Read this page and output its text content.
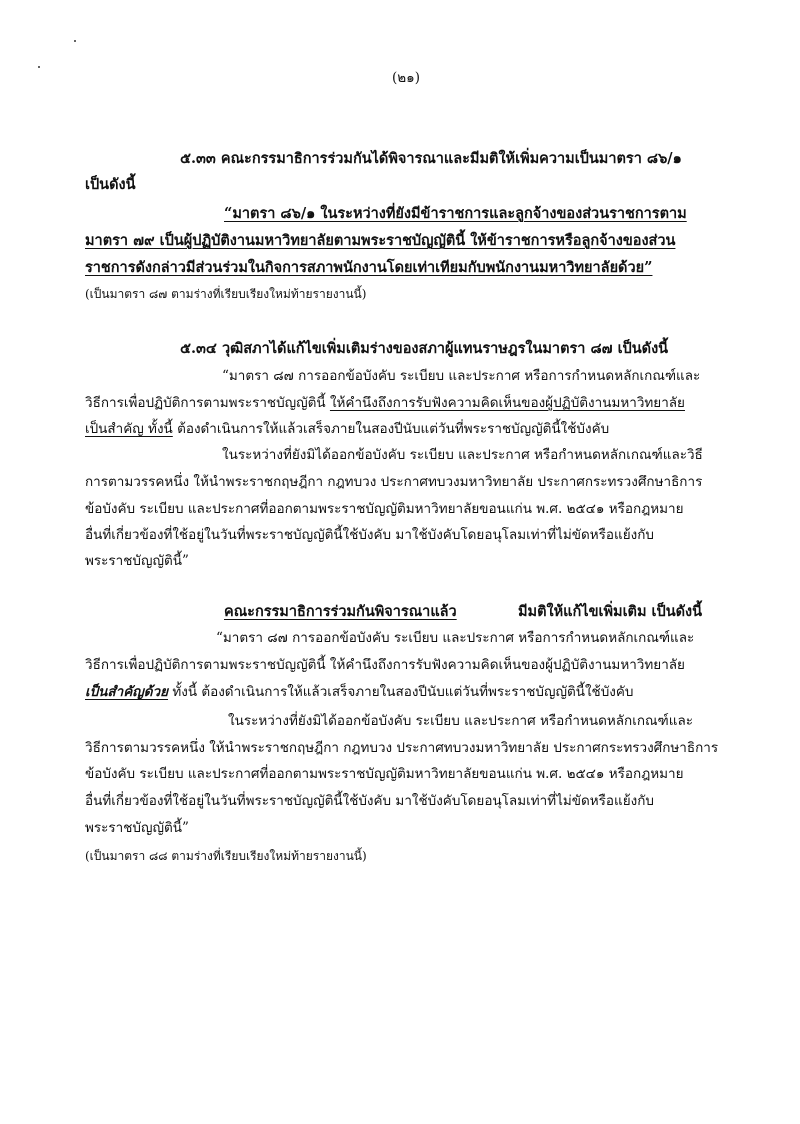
(๒๑)

๕.๓๓ คณะกรรมาธิการร่วมกันได้พิจารณาและมีมติให้เพิ่มความเป็นมาตรา ๘๖/๑

เป็นดังนี้

“มาตรา ๘๖/๑ ในระหว่างที่ยังมีข้าราชการและลูกจ้างของส่วนราชการตาม

มาตรา ๗๙ เป็นผู้ปฏิบัติงานมหาวิทยาลัยตามพระราชบัญญัตินี้ ให้ข้าราชการหรือลูกจ้างของส่วน

ราชการดังกล่าวมีส่วนร่วมในกิจการสภาพนักงานโดยเท่าเทียมกับพนักงานมหาวิทยาลัยด้วย”

(เป็นมาตรา ๘๗ ตามร่างที่เรียบเรียงใหม่ท้ายรายงานนี้)

๕.๓๔ วุฒิสภาได้แก้ไขเพิ่มเติมร่างของสภาผู้แทนราษฎรในมาตรา ๘๗ เป็นดังนี้

“มาตรา ๘๗ การออกข้อบังคับ ระเบียบ และประกาศ หรือการกำหนดหลักเกณฑ์และ

วิธีการเพื่อปฏิบัติการตามพระราชบัญญัตินี้ ให้คำนึงถึงการรับฟังความคิดเห็นของผู้ปฏิบัติงานมหาวิทยาลัย

เป็นสำคัญ ทั้งนี้ ต้องดำเนินการให้แล้วเสร็จภายในสองปีนับแต่วันที่พระราชบัญญัตินี้ใช้บังคับ

ในระหว่างที่ยังมิได้ออกข้อบังคับ ระเบียบ และประกาศ หรือกำหนดหลักเกณฑ์และวิธี

การตามวรรคหนึ่ง ให้นำพระราชกฤษฎีกา กฎทบวง ประกาศทบวงมหาวิทยาลัย ประกาศกระทรวงศึกษาธิการ

ข้อบังคับ ระเบียบ และประกาศที่ออกตามพระราชบัญญัติมหาวิทยาลัยขอนแก่น พ.ศ. ๒๕๔๑ หรือกฎหมาย

อื่นที่เกี่ยวข้องที่ใช้อยู่ในวันที่พระราชบัญญัตินี้ใช้บังคับ มาใช้บังคับโดยอนุโลมเท่าที่ไม่ขัดหรือแย้งกับ

พระราชบัญญัตินี้”

คณะกรรมาธิการร่วมกันพิจารณาแล้ว	มีมติให้แก้ไขเพิ่มเติม เป็นดังนี้

“มาตรา ๘๗ การออกข้อบังคับ ระเบียบ และประกาศ หรือการกำหนดหลักเกณฑ์และ

วิธีการเพื่อปฏิบัติการตามพระราชบัญญัตินี้ ให้คำนึงถึงการรับฟังความคิดเห็นของผู้ปฏิบัติงานมหาวิทยาลัย

เป็นสำคัญด้วย ทั้งนี้ ต้องดำเนินการให้แล้วเสร็จภายในสองปีนับแต่วันที่พระราชบัญญัตินี้ใช้บังคับ

ในระหว่างที่ยังมิได้ออกข้อบังคับ ระเบียบ และประกาศ หรือกำหนดหลักเกณฑ์และ

วิธีการตามวรรคหนึ่ง ให้นำพระราชกฤษฎีกา กฎทบวง ประกาศทบวงมหาวิทยาลัย ประกาศกระทรวงศึกษาธิการ

ข้อบังคับ ระเบียบ และประกาศที่ออกตามพระราชบัญญัติมหาวิทยาลัยขอนแก่น พ.ศ. ๒๕๔๑ หรือกฎหมาย

อื่นที่เกี่ยวข้องที่ใช้อยู่ในวันที่พระราชบัญญัตินี้ใช้บังคับ มาใช้บังคับโดยอนุโลมเท่าที่ไม่ขัดหรือแย้งกับ

พระราชบัญญัตินี้”

(เป็นมาตรา ๘๘ ตามร่างที่เรียบเรียงใหม่ท้ายรายงานนี้)
